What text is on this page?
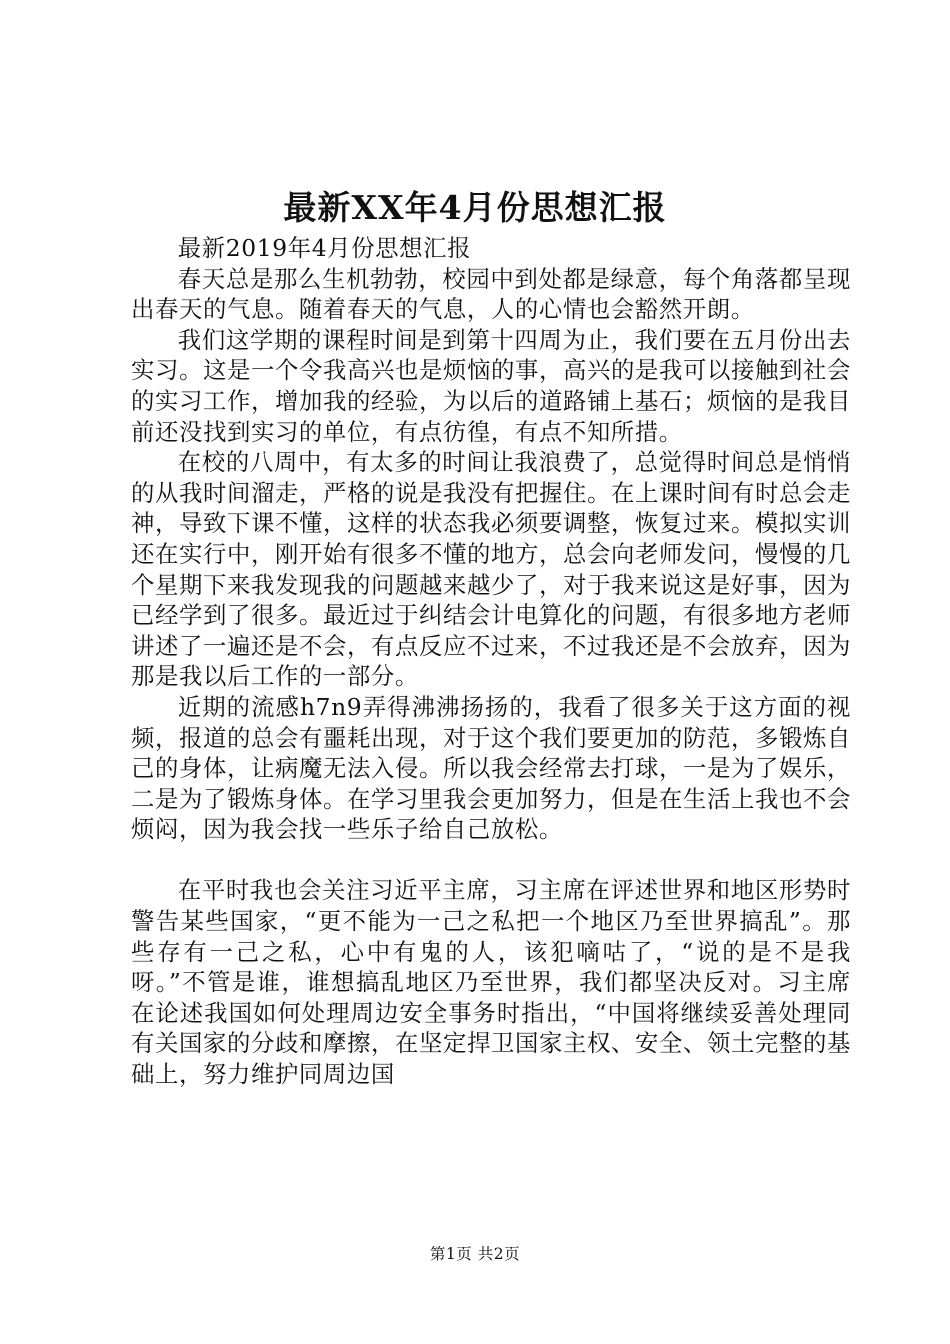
最新XX年4月份思想汇报

最新2019年4月份思想汇报

春天总是那么生机勃勃，校园中到处都是绿意，每个角落都呈现出春天的气息。随着春天的气息，人的心情也会豁然开朗。

我们这学期的课程时间是到第十四周为止，我们要在五月份出去实习。这是一个令我高兴也是烦恼的事，高兴的是我可以接触到社会的实习工作，增加我的经验，为以后的道路铺上基石；烦恼的是我目前还没找到实习的单位，有点彷徨，有点不知所措。

在校的八周中，有太多的时间让我浪费了，总觉得时间总是悄悄的从我时间溜走，严格的说是我没有把握住。在上课时间有时总会走神，导致下课不懂，这样的状态我必须要调整，恢复过来。模拟实训还在实行中，刚开始有很多不懂的地方，总会向老师发问，慢慢的几个星期下来我发现我的问题越来越少了，对于我来说这是好事，因为已经学到了很多。最近过于纠结会计电算化的问题，有很多地方老师讲述了一遍还是不会，有点反应不过来，不过我还是不会放弃，因为那是我以后工作的一部分。

近期的流感h7n9弄得沸沸扬扬的，我看了很多关于这方面的视频，报道的总会有噩耗出现，对于这个我们要更加的防范，多锻炼自己的身体，让病魔无法入侵。所以我会经常去打球，一是为了娱乐，二是为了锻炼身体。在学习里我会更加努力，但是在生活上我也不会烦闷，因为我会找一些乐子给自己放松。

在平时我也会关注习近平主席，习主席在评述世界和地区形势时警告某些国家，“更不能为一己之私把一个地区乃至世界搞乱”。那些存有一己之私，心中有鬼的人，该犯嘀咕了，“说的是不是我呀。”不管是谁，谁想搞乱地区乃至世界，我们都坚决反对。习主席在论述我国如何处理周边安全事务时指出，“中国将继续妥善处理同有关国家的分歧和摩擦，在坚定捍卫国家主权、安全、领土完整的基础上，努力维护同周边国

第1页 共2页
